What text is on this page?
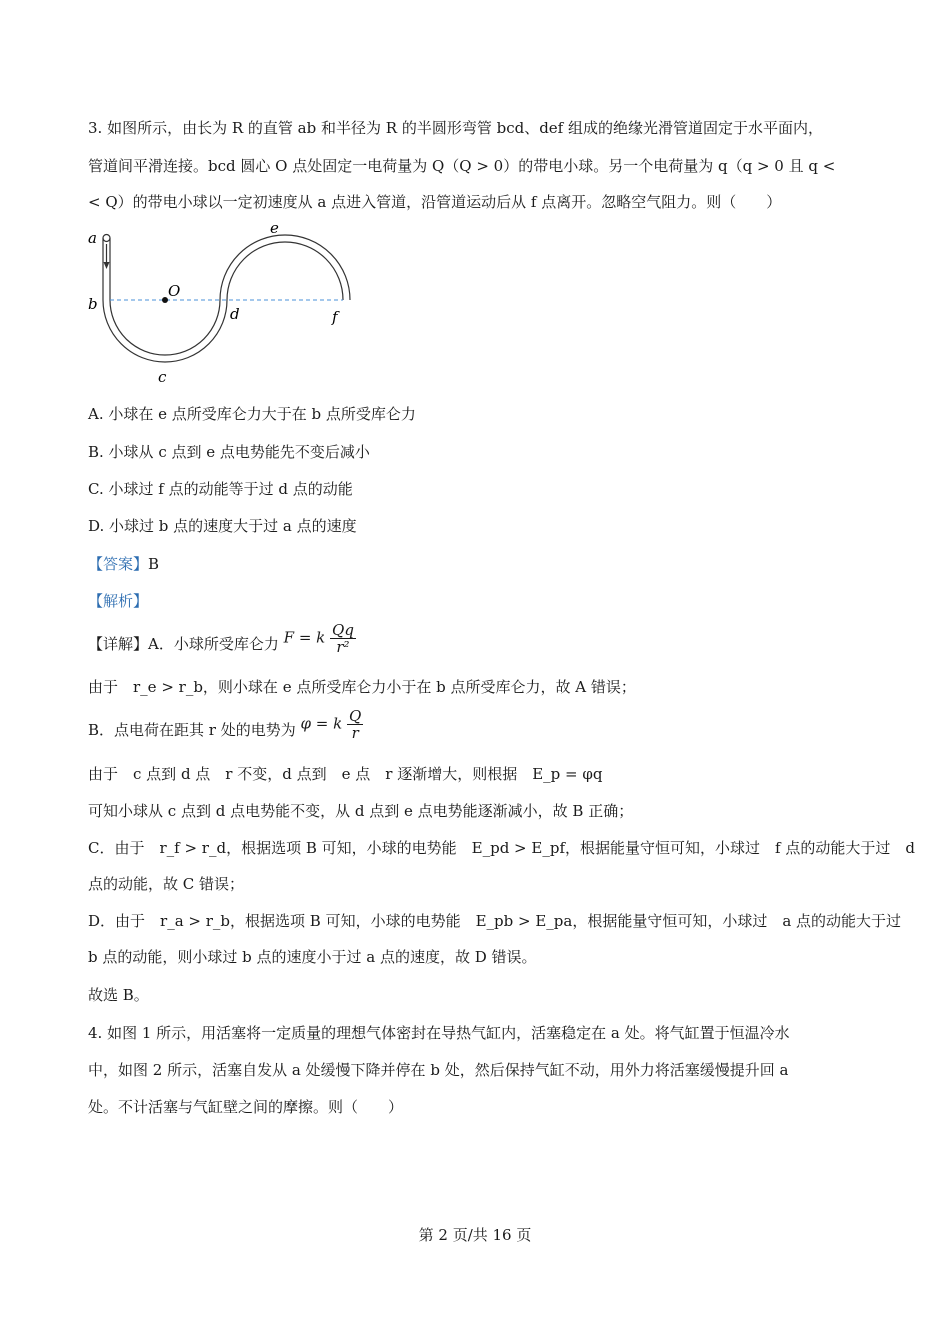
3. 如图所示，由长为 R 的直管 ab 和半径为 R 的半圆形弯管 bcd、def 组成的绝缘光滑管道固定于水平面内，
管道间平滑连接。bcd 圆心 O 点处固定一电荷量为 Q（Q > 0）的带电小球。另一个电荷量为 q（q > 0 且 q <
< Q）的带电小球以一定初速度从 a 点进入管道，沿管道运动后从 f 点离开。忽略空气阻力。则（　　）
a
b
O
d	f
c
e
A. 小球在 e 点所受库仑力大于在 b 点所受库仑力
B. 小球从 c 点到 e 点电势能先不变后减小
C. 小球过 f 点的动能等于过 d 点的动能
D. 小球过 b 点的速度大于过 a 点的速度
【答案】B
【解析】
【详解】A．小球所受库仑力 F = k $\frac{Qq}{\text{r²}}$
由于　r_e > r_b，则小球在 e 点所受库仑力小于在 b 点所受库仑力，故 A 错误；
B．点电荷在距其 r 处的电势为 φ = k $\frac{Q}{r}$
由于　c 点到 d 点　r 不变，d 点到　e 点　r 逐渐增大，则根据　E_p = φq
可知小球从 c 点到 d 点电势能不变，从 d 点到 e 点电势能逐渐减小，故 B 正确；
C．由于　r_f > r_d，根据选项 B 可知，小球的电势能　E_pd > E_pf，根据能量守恒可知，小球过　f 点的动能大于过　d
点的动能，故 C 错误；
D．由于　r_a > r_b，根据选项 B 可知，小球的电势能　E_pb > E_pa，根据能量守恒可知，小球过　a 点的动能大于过
b 点的动能，则小球过 b 点的速度小于过 a 点的速度，故 D 错误。
故选 B。
4. 如图 1 所示，用活塞将一定质量的理想气体密封在导热气缸内，活塞稳定在 a 处。将气缸置于恒温冷水
中，如图 2 所示，活塞自发从 a 处缓慢下降并停在 b 处，然后保持气缸不动，用外力将活塞缓慢提升回 a
处。不计活塞与气缸壁之间的摩擦。则（　　）
第 2 页/共 16 页
